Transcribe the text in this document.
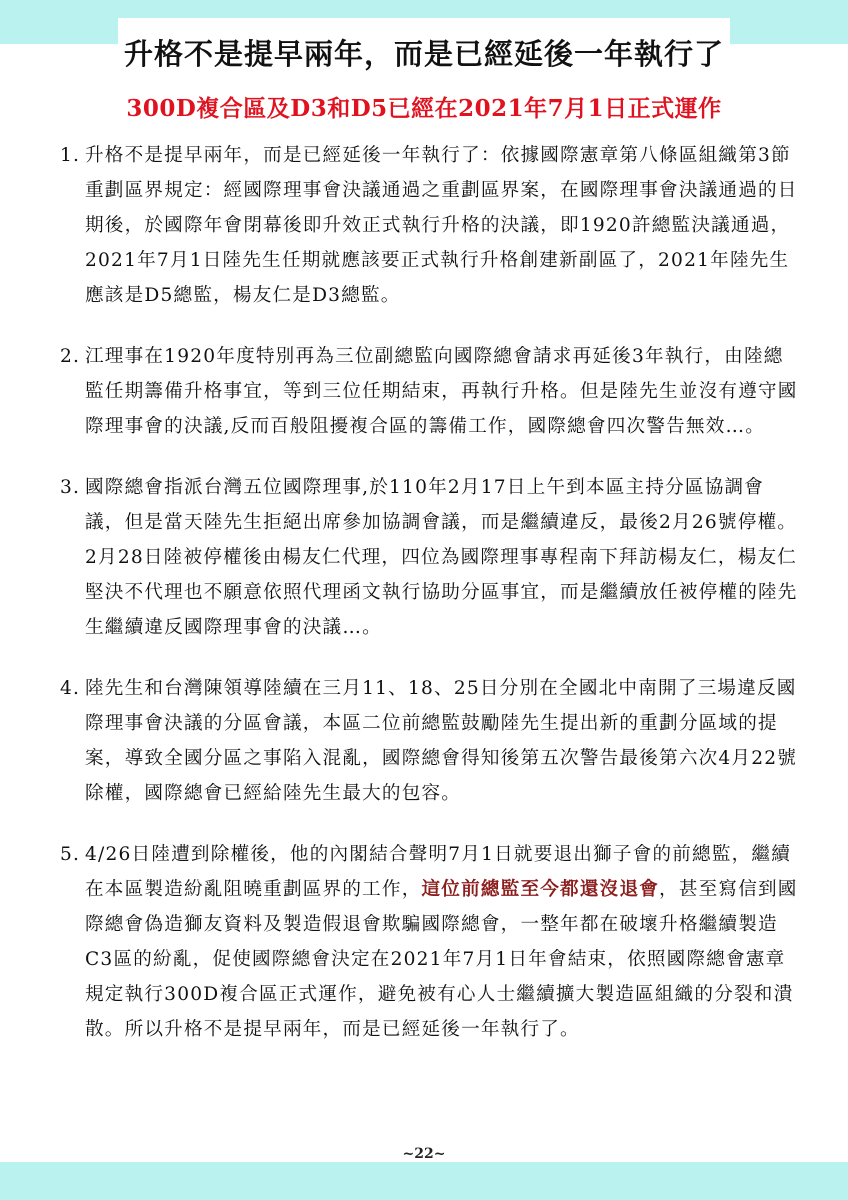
升格不是提早兩年，而是已經延後一年執行了
300D複合區及D3和D5已經在2021年7月1日正式運作
1. 升格不是提早兩年，而是已經延後一年執行了：依據國際憲章第八條區組織第3節重劃區界規定：經國際理事會決議通過之重劃區界案，在國際理事會決議通過的日期後，於國際年會閉幕後即升效正式執行升格的決議，即1920許總監決議通過，2021年7月1日陸先生任期就應該要正式執行升格創建新副區了，2021年陸先生應該是D5總監，楊友仁是D3總監。
2. 江理事在1920年度特別再為三位副總監向國際總會請求再延後3年執行，由陸總監任期籌備升格事宜，等到三位任期結束，再執行升格。但是陸先生並沒有遵守國際理事會的決議,反而百般阻擾複合區的籌備工作，國際總會四次警告無效…。
3. 國際總會指派台灣五位國際理事,於110年2月17日上午到本區主持分區協調會議，但是當天陸先生拒絕出席參加協調會議，而是繼續違反，最後2月26號停權。2月28日陸被停權後由楊友仁代理，四位為國際理事專程南下拜訪楊友仁，楊友仁堅決不代理也不願意依照代理函文執行協助分區事宜，而是繼續放任被停權的陸先生繼續違反國際理事會的決議…。
4. 陸先生和台灣陳領導陸續在三月11、18、25日分別在全國北中南開了三場違反國際理事會決議的分區會議，本區二位前總監鼓勵陸先生提出新的重劃分區域的提案，導致全國分區之事陷入混亂，國際總會得知後第五次警告最後第六次4月22號除權，國際總會已經給陸先生最大的包容。
5. 4/26日陸遭到除權後，他的內閣結合聲明7月1日就要退出獅子會的前總監，繼續在本區製造紛亂阻曉重劃區界的工作，這位前總監至今都還沒退會，甚至寫信到國際總會偽造獅友資料及製造假退會欺騙國際總會，一整年都在破壞升格繼續製造C3區的紛亂，促使國際總會決定在2021年7月1日年會結束，依照國際總會憲章規定執行300D複合區正式運作，避免被有心人士繼續擴大製造區組織的分裂和潰散。所以升格不是提早兩年，而是已經延後一年執行了。
~22~
